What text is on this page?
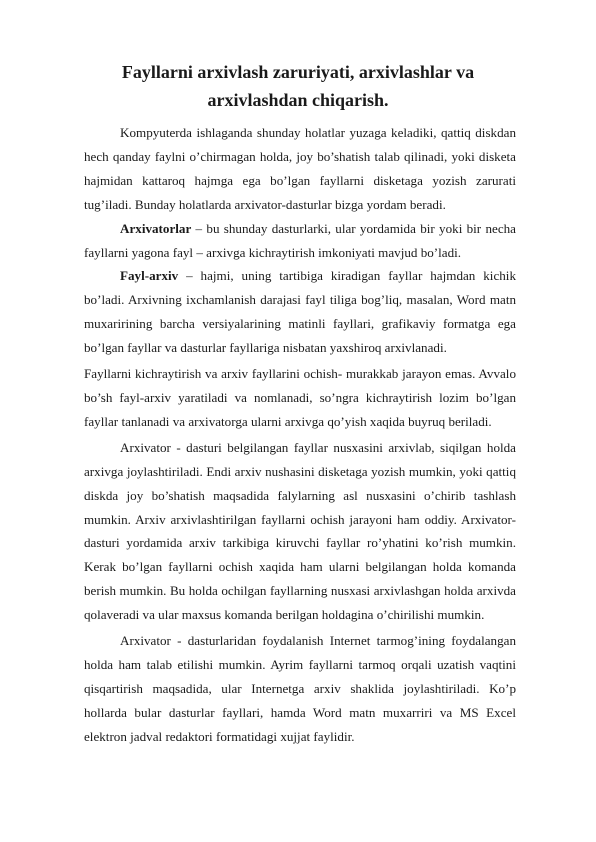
Fayllarni arxivlash zaruriyati, arxivlashlar va arxivlashdan chiqarish.

Kompyuterda ishlaganda shunday holatlar yuzaga keladiki, qattiq diskdan hech qanday faylni o’chirmagan holda, joy bo’shatish talab qilinadi, yoki disketa hajmidan kattaroq hajmga ega bo’lgan fayllarni disketaga yozish zarurati tug’iladi. Bunday holatlarda arxivator-dasturlar bizga yordam beradi.

Arxivatorlar – bu shunday dasturlarki, ular yordamida bir yoki bir necha fayllarni yagona fayl – arxivga kichraytirish imkoniyati mavjud bo’ladi.

Fayl-arxiv – hajmi, uning tartibiga kiradigan fayllar hajmdan kichik bo’ladi. Arxivning ixchamlanish darajasi fayl tiliga bog’liq, masalan, Word matn muxaririning barcha versiyalarining matinli fayllari, grafikaviy formatga ega bo’lgan fayllar va dasturlar fayllariga nisbatan yaxshiroq arxivlanadi.

Fayllarni kichraytirish va arxiv fayllarini ochish- murakkab jarayon emas. Avvalo bo’sh fayl-arxiv yaratiladi va nomlanadi, so’ngra kichraytirish lozim bo’lgan fayllar tanlanadi va arxivatorga ularni arxivga qo’yish xaqida buyruq beriladi.

Arxivator - dasturi belgilangan fayllar nusxasini arxivlab, siqilgan holda arxivga joylashtiriladi. Endi arxiv nushasini disketaga yozish mumkin, yoki qattiq diskda joy bo’shatish maqsadida falylarning asl nusxasini o’chirib tashlash mumkin. Arxiv arxivlashtirilgan fayllarni ochish jarayoni ham oddiy. Arxivator-dasturi yordamida arxiv tarkibiga kiruvchi fayllar ro’yhatini ko’rish mumkin. Kerak bo’lgan fayllarni ochish xaqida ham ularni belgilangan holda komanda berish mumkin. Bu holda ochilgan fayllarning nusxasi arxivlashgan holda arxivda qolaveradi va ular maxsus komanda berilgan holdagina o’chirilishi mumkin.

Arxivator - dasturlaridan foydalanish Internet tarmog’ining foydalangan holda ham talab etilishi mumkin. Ayrim fayllarni tarmoq orqali uzatish vaqtini qisqartirish maqsadida, ular Internetga arxiv shaklida joylashtiriladi. Ko’p hollarda bular dasturlar fayllari, hamda Word matn muxarriri va MS Excel elektron jadval redaktori formatidagi xujjat faylidir.
